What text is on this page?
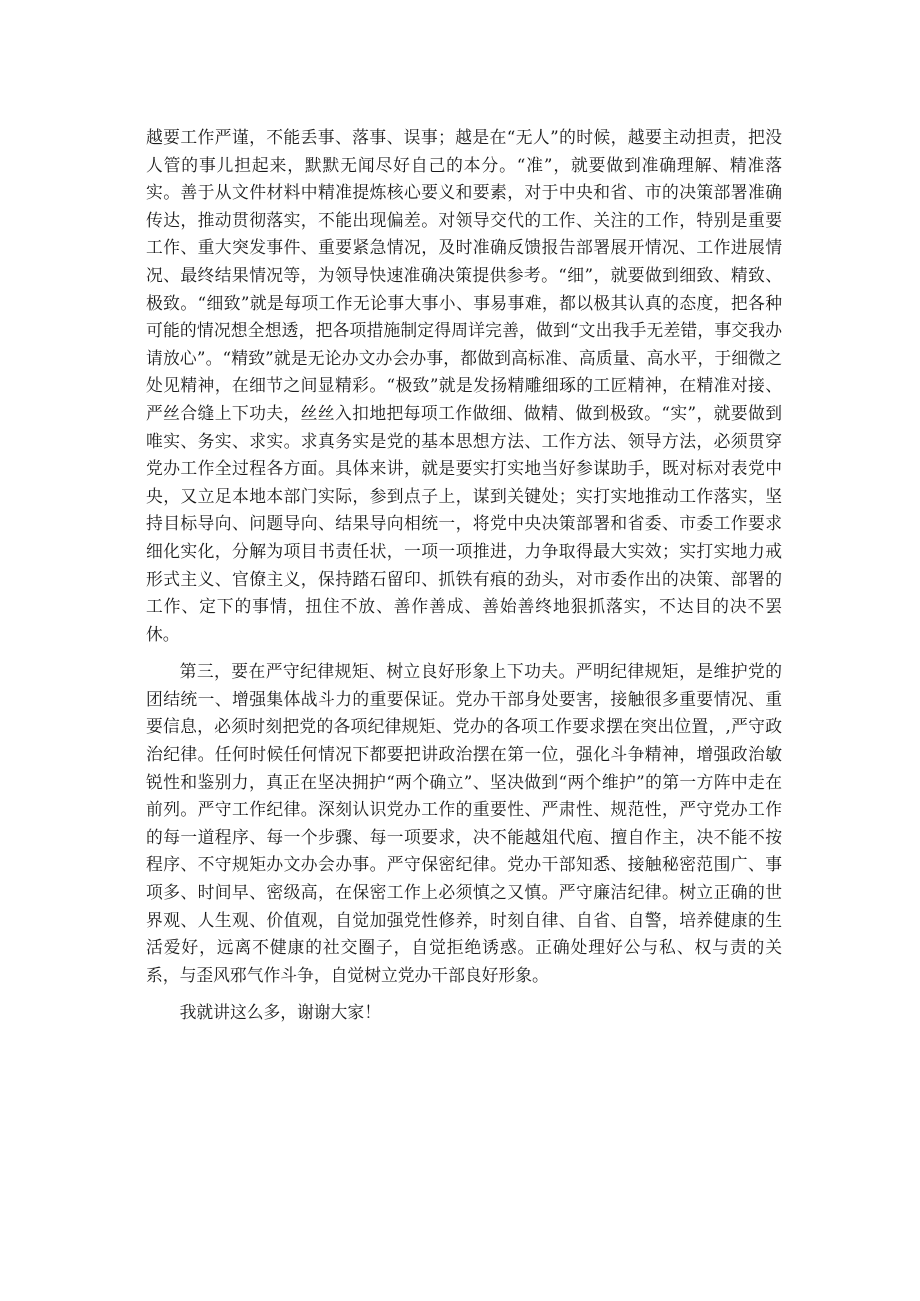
越要工作严谨，不能丢事、落事、误事；越是在“无人”的时候，越要主动担责，把没人管的事儿担起来，默默无闻尽好自己的本分。“准”，就要做到准确理解、精准落实。善于从文件材料中精准提炼核心要义和要素，对于中央和省、市的决策部署准确传达，推动贯彻落实，不能出现偏差。对领导交代的工作、关注的工作，特别是重要工作、重大突发事件、重要紧急情况，及时准确反馈报告部署展开情况、工作进展情况、最终结果情况等，为领导快速准确决策提供参考。“细”，就要做到细致、精致、极致。“细致”就是每项工作无论事大事小、事易事难，都以极其认真的态度，把各种可能的情况想全想透，把各项措施制定得周详完善，做到“文出我手无差错，事交我办请放心”。“精致”就是无论办文办会办事，都做到高标准、高质量、高水平，于细微之处见精神，在细节之间显精彩。“极致”就是发扬精雕细琢的工匠精神，在精准对接、严丝合缝上下功夫，丝丝入扣地把每项工作做细、做精、做到极致。“实”，就要做到唯实、务实、求实。求真务实是党的基本思想方法、工作方法、领导方法，必须贯穿党办工作全过程各方面。具体来讲，就是要实打实地当好参谋助手，既对标对表党中央，又立足本地本部门实际，参到点子上，谋到关键处；实打实地推动工作落实，坚持目标导向、问题导向、结果导向相统一，将党中央决策部署和省委、市委工作要求细化实化，分解为项目书责任状，一项一项推进，力争取得最大实效；实打实地力戒形式主义、官僚主义，保持踏石留印、抓铁有痕的劲头，对市委作出的决策、部署的工作、定下的事情，扭住不放、善作善成、善始善终地狠抓落实，不达目的决不罢休。

第三，要在严守纪律规矩、树立良好形象上下功夫。严明纪律规矩，是维护党的团结统一、增强集体战斗力的重要保证。党办干部身处要害，接触很多重要情况、重要信息，必须时刻把党的各项纪律规矩、党办的各项工作要求摆在突出位置，,严守政治纪律。任何时候任何情况下都要把讲政治摆在第一位，强化斗争精神，增强政治敏锐性和鉴别力，真正在坚决拥护“两个确立”、坚决做到“两个维护”的第一方阵中走在前列。严守工作纪律。深刻认识党办工作的重要性、严肃性、规范性，严守党办工作的每一道程序、每一个步骤、每一项要求，决不能越俎代庖、擅自作主，决不能不按程序、不守规矩办文办会办事。严守保密纪律。党办干部知悉、接触秘密范围广、事项多、时间早、密级高，在保密工作上必须慎之又慎。严守廉洁纪律。树立正确的世界观、人生观、价值观，自觉加强党性修养，时刻自律、自省、自警，培养健康的生活爱好，远离不健康的社交圈子，自觉拒绝诱惑。正确处理好公与私、权与责的关系，与歪风邪气作斗争，自觉树立党办干部良好形象。

我就讲这么多，谢谢大家！
